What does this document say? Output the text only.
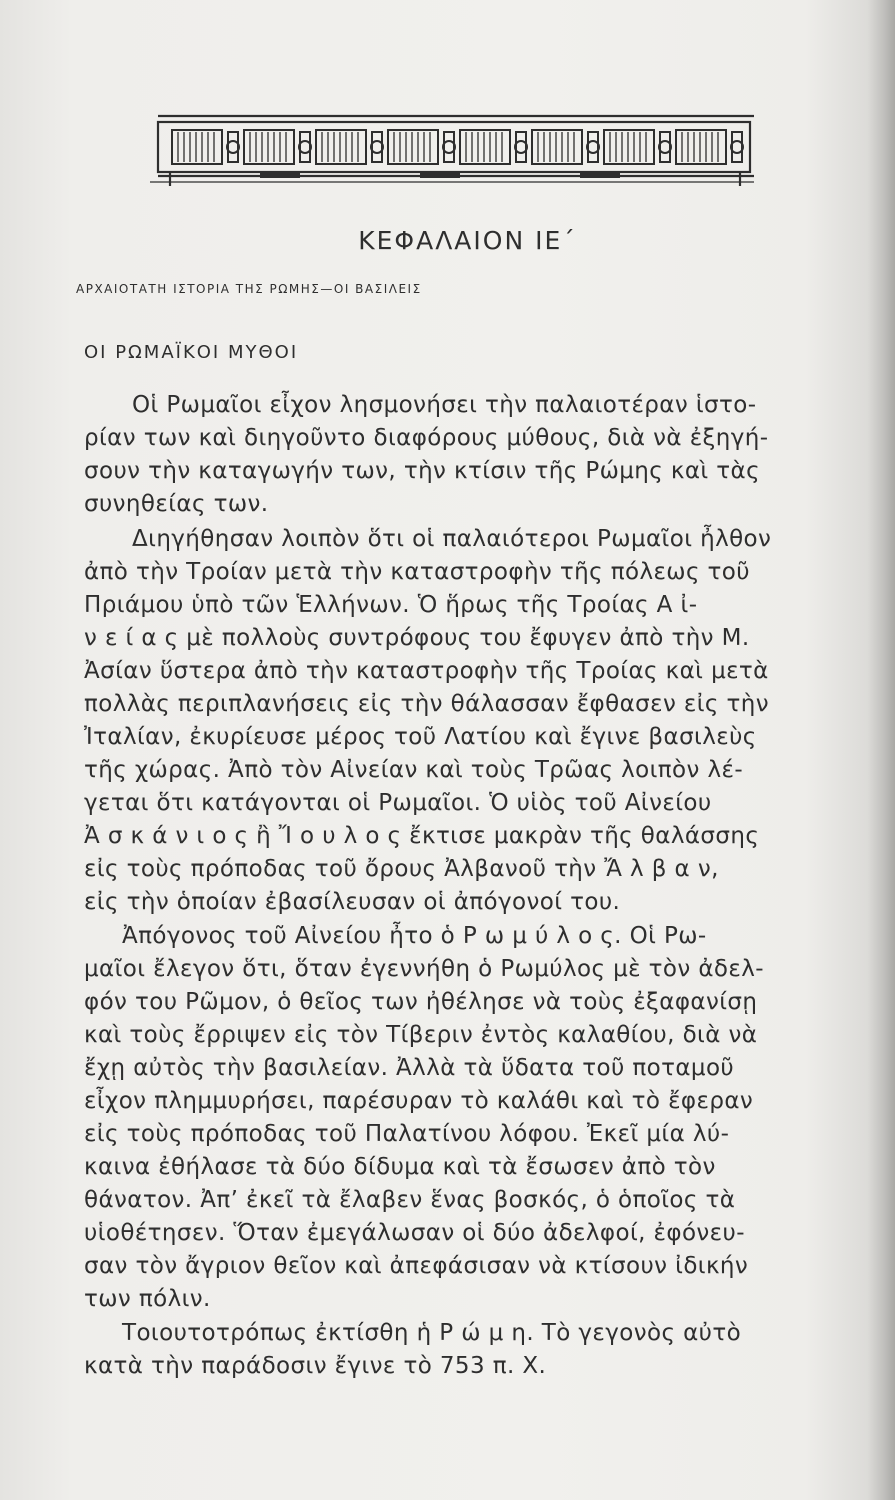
ΚΕΦΑΛΑΙΟΝ ΙΕ΄
ΑΡΧΑΙΟΤΑΤΗ ΙΣΤΟΡΙΑ ΤΗΣ ΡΩΜΗΣ—ΟΙ ΒΑΣΙΛΕΙΣ
ΟΙ ΡΩΜΑΪΚΟΙ ΜΥΘΟΙ
Οἱ Ρωμαῖοι εἶχον λησμονήσει τὴν παλαιοτέραν ἱστο-
ρίαν των καὶ διηγοῦντο διαφόρους μύθους, διὰ νὰ ἐξηγή-
σουν τὴν καταγωγήν των, τὴν κτίσιν τῆς Ρώμης καὶ τὰς
συνηθείας των.
Διηγήθησαν λοιπὸν ὅτι οἱ παλαιότεροι Ρωμαῖοι ἦλθον
ἀπὸ τὴν Τροίαν μετὰ τὴν καταστροφὴν τῆς πόλεως τοῦ
Πριάμου ὑπὸ τῶν Ἑλλήνων. Ὁ ἥρως τῆς Τροίας Α ἰ-
ν ε ί α ς μὲ πολλοὺς συντρόφους του ἔφυγεν ἀπὸ τὴν Μ.
Ἀσίαν ὕστερα ἀπὸ τὴν καταστροφὴν τῆς Τροίας καὶ μετὰ
πολλὰς περιπλανήσεις εἰς τὴν θάλασσαν ἔφθασεν εἰς τὴν
Ἰταλίαν, ἐκυρίευσε μέρος τοῦ Λατίου καὶ ἔγινε βασιλεὺς
τῆς χώρας. Ἀπὸ τὸν Αἰνείαν καὶ τοὺς Τρῶας λοιπὸν λέ-
γεται ὅτι κατάγονται οἱ Ρωμαῖοι. Ὁ υἱὸς τοῦ Αἰνείου
Ἀ σ κ ά ν ι ο ς ἢ Ἴ ο υ λ ο ς ἔκτισε μακρὰν τῆς θαλάσσης
εἰς τοὺς πρόποδας τοῦ ὄρους Ἀλβανοῦ τὴν Ἄ λ β α ν,
εἰς τὴν ὁποίαν ἐβασίλευσαν οἱ ἀπόγονοί του.
Ἀπόγονος τοῦ Αἰνείου ἦτο ὁ Ρ ω μ ύ λ ο ς. Οἱ Ρω-
μαῖοι ἔλεγον ὅτι, ὅταν ἐγεννήθη ὁ Ρωμύλος μὲ τὸν ἀδελ-
φόν του Ρῶμον, ὁ θεῖος των ἠθέλησε νὰ τοὺς ἐξαφανίσῃ
καὶ τοὺς ἔρριψεν εἰς τὸν Τίβεριν ἐντὸς καλαθίου, διὰ νὰ
ἔχῃ αὐτὸς τὴν βασιλείαν. Ἀλλὰ τὰ ὕδατα τοῦ ποταμοῦ
εἶχον πλημμυρήσει, παρέσυραν τὸ καλάθι καὶ τὸ ἔφεραν
εἰς τοὺς πρόποδας τοῦ Παλατίνου λόφου. Ἐκεῖ μία λύ-
καινα ἐθήλασε τὰ δύο δίδυμα καὶ τὰ ἔσωσεν ἀπὸ τὸν
θάνατον. Ἀπ’ ἐκεῖ τὰ ἔλαβεν ἕνας βοσκός, ὁ ὁποῖος τὰ
υἱοθέτησεν. Ὅταν ἐμεγάλωσαν οἱ δύο ἀδελφοί, ἐφόνευ-
σαν τὸν ἄγριον θεῖον καὶ ἀπεφάσισαν νὰ κτίσουν ἰδικήν
των πόλιν.
Τοιουτοτρόπως ἐκτίσθη ἡ Ρ ώ μ η. Τὸ γεγονὸς αὐτὸ
κατὰ τὴν παράδοσιν ἔγινε τὸ 753 π. Χ.
